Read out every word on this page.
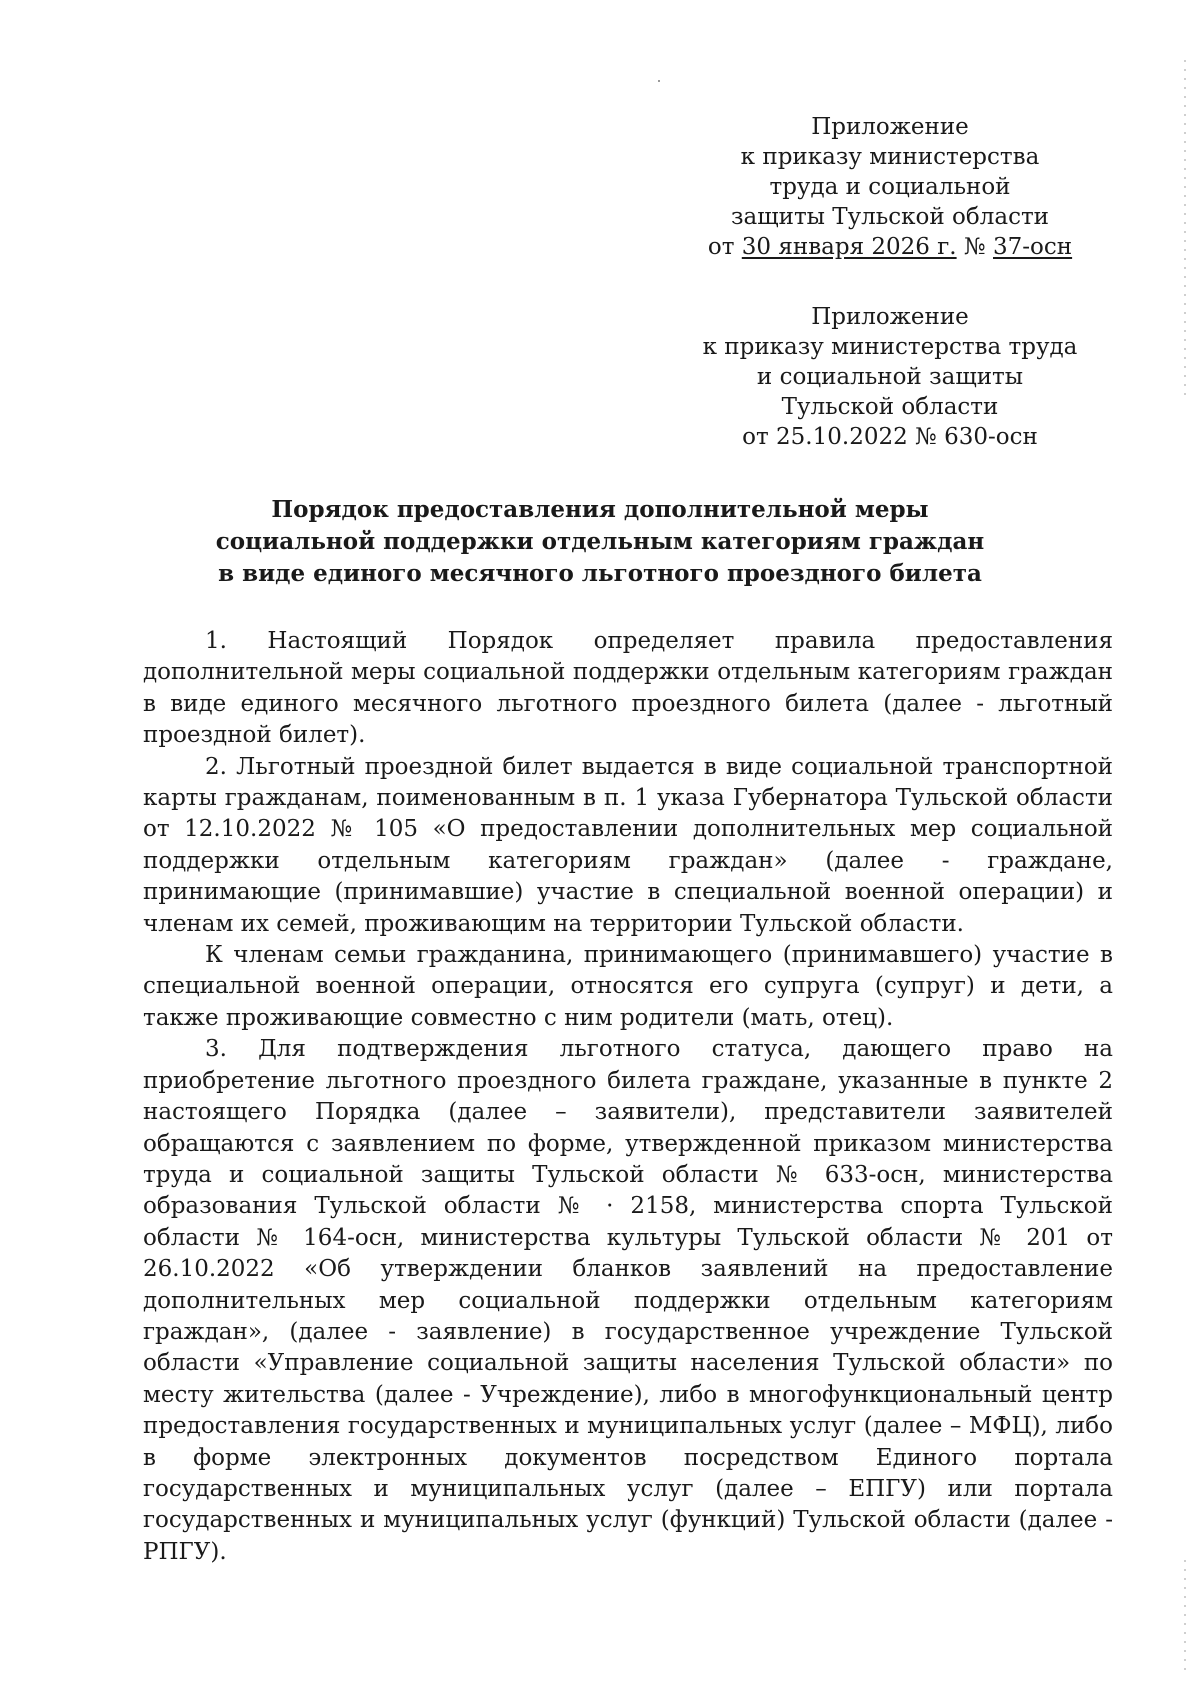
Приложение
к приказу министерства
труда и социальной
защиты Тульской области
от 30 января 2026 г. № 37-осн
Приложение
к приказу министерства труда
и социальной защиты
Тульской области
от 25.10.2022 № 630-осн
Порядок предоставления дополнительной меры
социальной поддержки отдельным категориям граждан
в виде единого месячного льготного проездного билета

1. Настоящий Порядок определяет правила предоставления дополнительной меры социальной поддержки отдельным категориям граждан в виде единого месячного льготного проездного билета (далее - льготный проездной билет).

2. Льготный проездной билет выдается в виде социальной транспортной карты гражданам, поименованным в п. 1 указа Губернатора Тульской области от 12.10.2022 № 105 «О предоставлении дополнительных мер социальной поддержки отдельным категориям граждан» (далее - граждане, принимающие (принимавшие) участие в специальной военной операции) и членам их семей, проживающим на территории Тульской области.

К членам семьи гражданина, принимающего (принимавшего) участие в специальной военной операции, относятся его супруга (супруг) и дети, а также проживающие совместно с ним родители (мать, отец).

3. Для подтверждения льготного статуса, дающего право на приобретение льготного проездного билета граждане, указанные в пункте 2 настоящего Порядка (далее – заявители), представители заявителей обращаются с заявлением по форме, утвержденной приказом министерства труда и социальной защиты Тульской области № 633-осн, министерства образования Тульской области № · 2158, министерства спорта Тульской области № 164-осн, министерства культуры Тульской области № 201 от 26.10.2022 «Об утверждении бланков заявлений на предоставление дополнительных мер социальной поддержки отдельным категориям граждан», (далее - заявление) в государственное учреждение Тульской области «Управление социальной защиты населения Тульской области» по месту жительства (далее - Учреждение), либо в многофункциональный центр предоставления государственных и муниципальных услуг (далее – МФЦ), либо в форме электронных документов посредством Единого портала государственных и муниципальных услуг (далее – ЕПГУ) или портала государственных и муниципальных услуг (функций) Тульской области (далее - РПГУ).
